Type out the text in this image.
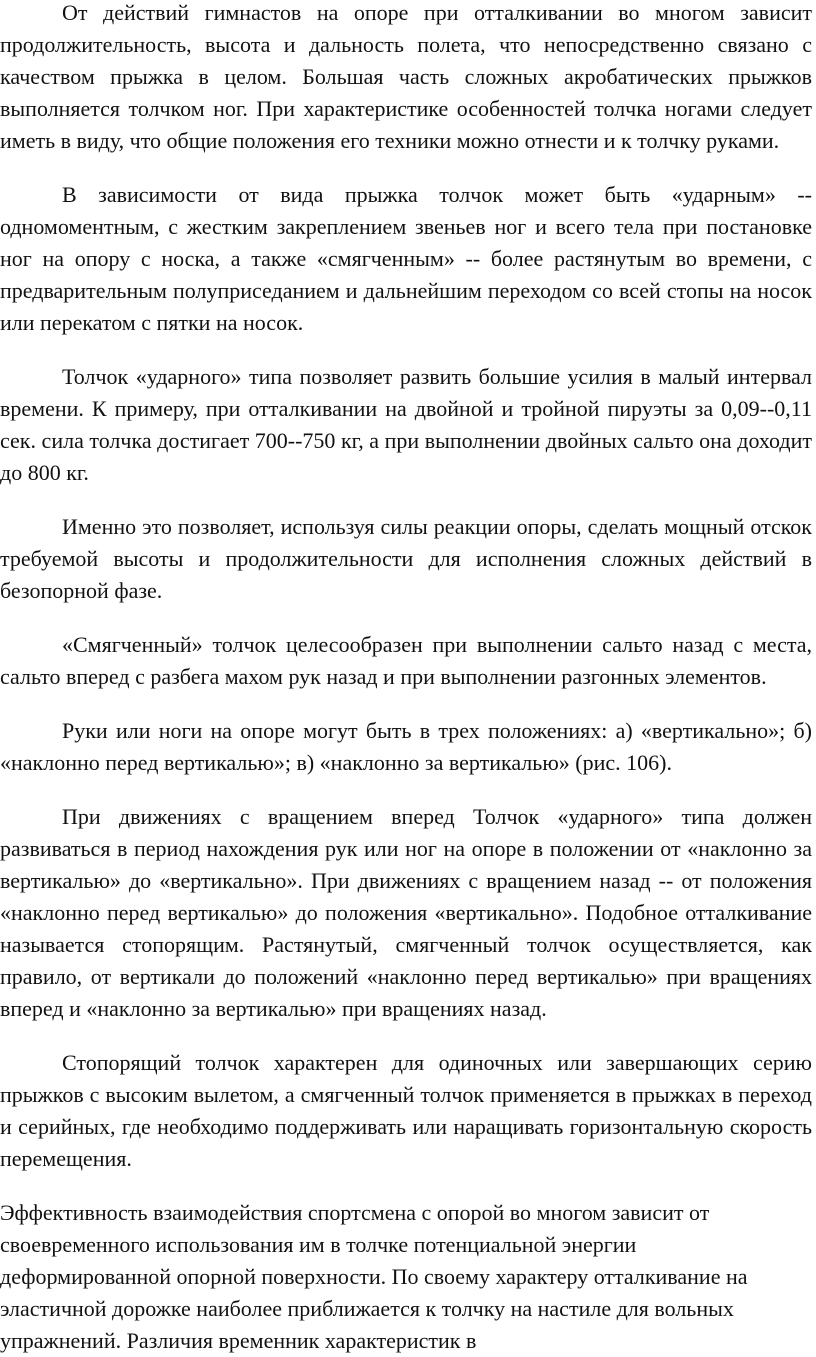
От действий гимнастов на опоре при отталкивании во многом зависит продолжительность, высота и дальность полета, что непосредственно связано с качеством прыжка в целом. Большая часть сложных акробатических прыжков выполняется толчком ног. При характеристике особенностей толчка ногами следует иметь в виду, что общие положения его техники можно отнести и к толчку руками.

В зависимости от вида прыжка толчок может быть «ударным» -- одномоментным, с жестким закреплением звеньев ног и всего тела при постановке ног на опору с носка, а также «смягченным» -- более растянутым во времени, с предварительным полуприседанием и дальнейшим переходом со всей стопы на носок или перекатом с пятки на носок.

Толчок «ударного» типа позволяет развить большие усилия в малый интервал времени. К примеру, при отталкивании на двойной и тройной пируэты за 0,09--0,11 сек. сила толчка достигает 700--750 кг, а при выполнении двойных сальто она доходит до 800 кг.

Именно это позволяет, используя силы реакции опоры, сделать мощный отскок требуемой высоты и продолжительности для исполнения сложных действий в безопорной фазе.

«Смягченный» толчок целесообразен при выполнении сальто назад с места, сальто вперед с разбега махом рук назад и при выполнении разгонных элементов.

Руки или ноги на опоре могут быть в трех положениях: а) «вертикально»; б) «наклонно перед вертикалью»; в) «наклонно за вертикалью» (рис. 106).

При движениях с вращением вперед Толчок «ударного» типа должен развиваться в период нахождения рук или ног на опоре в положении от «наклонно за вертикалью» до «вертикально». При движениях с вращением назад -- от положения «наклонно перед вертикалью» до положения «вертикально». Подобное отталкивание называется стопорящим. Растянутый, смягченный толчок осуществляется, как правило, от вертикали до положений «наклонно перед вертикалью» при вращениях вперед и «наклонно за вертикалью» при вращениях назад.

Стопорящий толчок характерен для одиночных или завершающих серию прыжков с высоким вылетом, а смягченный толчок применяется в прыжках в переход и серийных, где необходимо поддерживать или наращивать горизонтальную скорость перемещения.

Эффективность взаимодействия спортсмена с опорой во многом зависит от своевременного использования им в толчке потенциальной энергии деформированной опорной поверхности. По своему характеру отталкивание на эластичной дорожке наиболее приближается к толчку на настиле для вольных упражнений. Различия временник характеристик в
